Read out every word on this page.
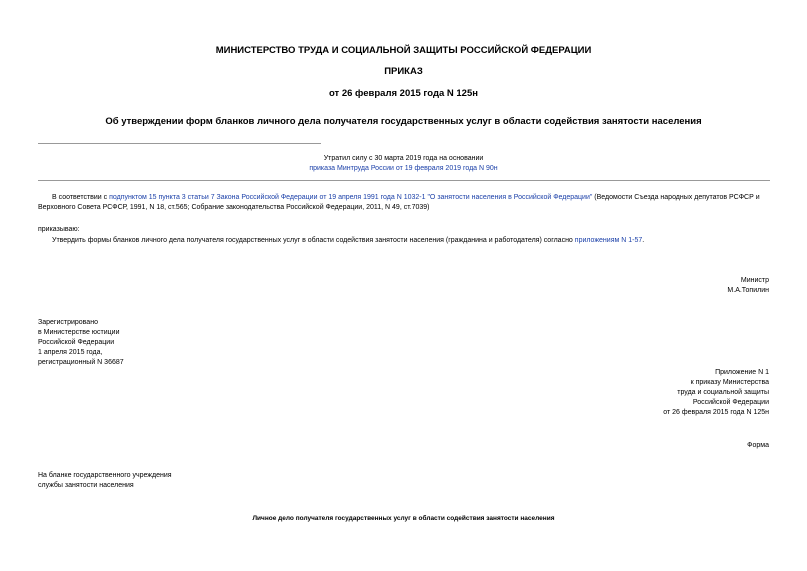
МИНИСТЕРСТВО ТРУДА И СОЦИАЛЬНОЙ ЗАЩИТЫ РОССИЙСКОЙ ФЕДЕРАЦИИ
ПРИКАЗ
от 26 февраля 2015 года N 125н
Об утверждении форм бланков личного дела получателя государственных услуг в области содействия занятости населения
Утратил силу с 30 марта 2019 года на основании
приказа Минтруда России от 19 февраля 2019 года N 90н
В соответствии с подпунктом 15 пункта 3 статьи 7 Закона Российской Федерации от 19 апреля 1991 года N 1032-1 "О занятости населения в Российской Федерации" (Ведомости Съезда народных депутатов РСФСР и Верховного Совета РСФСР, 1991, N 18, ст.565; Собрание законодательства Российской Федерации, 2011, N 49, ст.7039)
приказываю:
Утвердить формы бланков личного дела получателя государственных услуг в области содействия занятости населения (гражданина и работодателя) согласно приложениям N 1-57.
Министр
М.А.Топилин
Зарегистрировано
в Министерстве юстиции
Российской Федерации
1 апреля 2015 года,
регистрационный N 36687
Приложение N 1
к приказу Министерства
труда и социальной защиты
Российской Федерации
от 26 февраля 2015 года N 125н
Форма
На бланке государственного учреждения
службы занятости населения
Личное дело получателя государственных услуг в области содействия занятости населения
